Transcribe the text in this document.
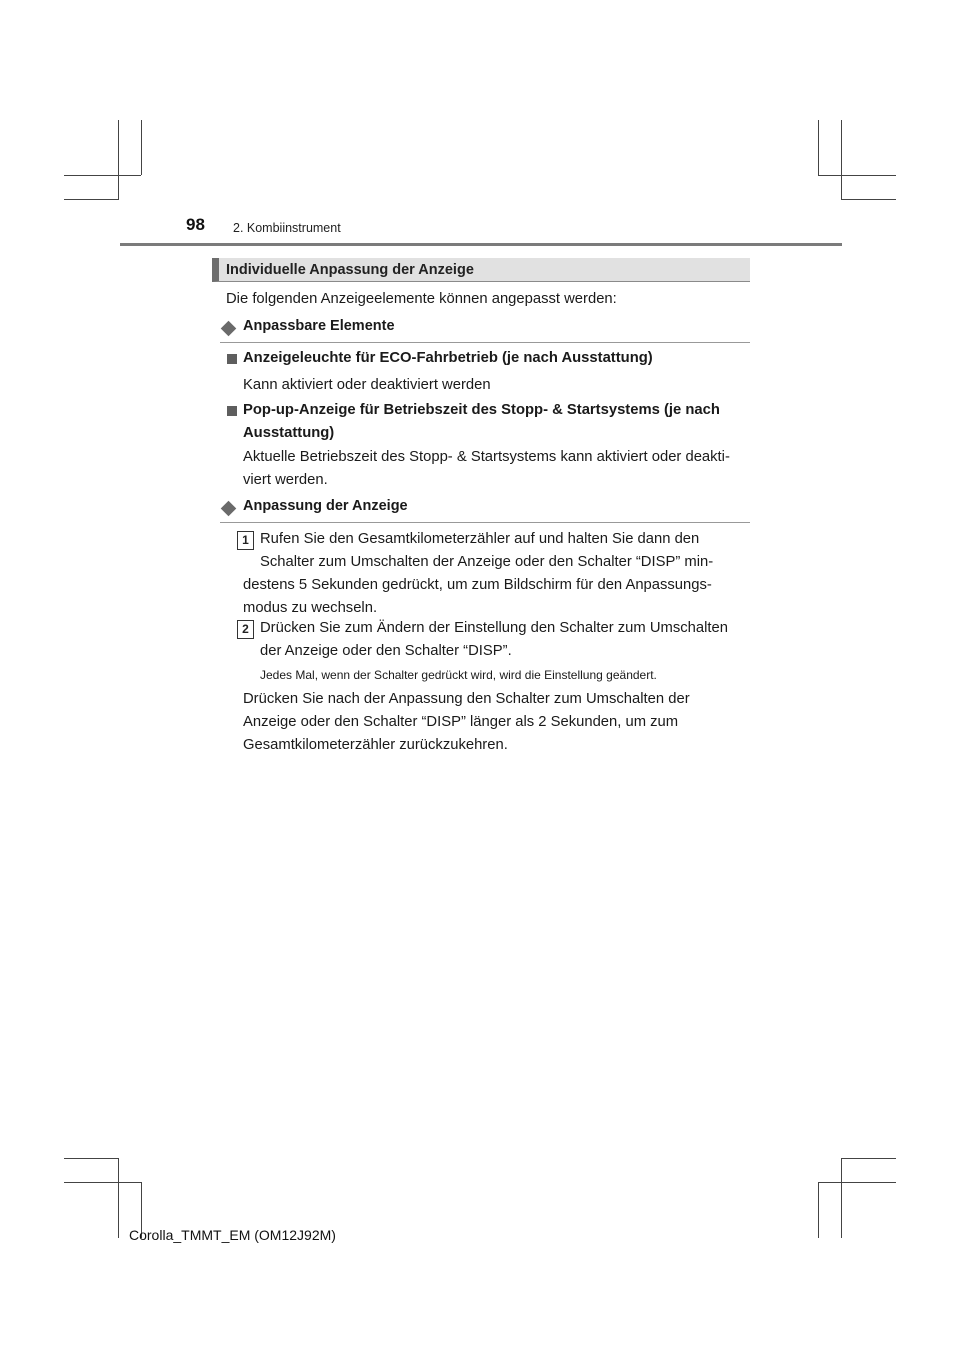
98 2. Kombiinstrument
Individuelle Anpassung der Anzeige
Die folgenden Anzeigeelemente können angepasst werden:
Anpassbare Elemente
Anzeigeleuchte für ECO-Fahrbetrieb (je nach Ausstattung)
Kann aktiviert oder deaktiviert werden
Pop-up-Anzeige für Betriebszeit des Stopp- & Startsystems (je nach
Ausstattung)
Aktuelle Betriebszeit des Stopp- & Startsystems kann aktiviert oder deakti-
viert werden.
Anpassung der Anzeige
1 Rufen Sie den Gesamtkilometerzähler auf und halten Sie dann den
Schalter zum Umschalten der Anzeige oder den Schalter “DISP” min-
destens 5 Sekunden gedrückt, um zum Bildschirm für den Anpassungs-
modus zu wechseln.
2 Drücken Sie zum Ändern der Einstellung den Schalter zum Umschalten
der Anzeige oder den Schalter “DISP”.
Jedes Mal, wenn der Schalter gedrückt wird, wird die Einstellung geändert.
Drücken Sie nach der Anpassung den Schalter zum Umschalten der
Anzeige oder den Schalter “DISP” länger als 2 Sekunden, um zum
Gesamtkilometerzähler zurückzukehren.
Corolla_TMMT_EM (OM12J92M)
